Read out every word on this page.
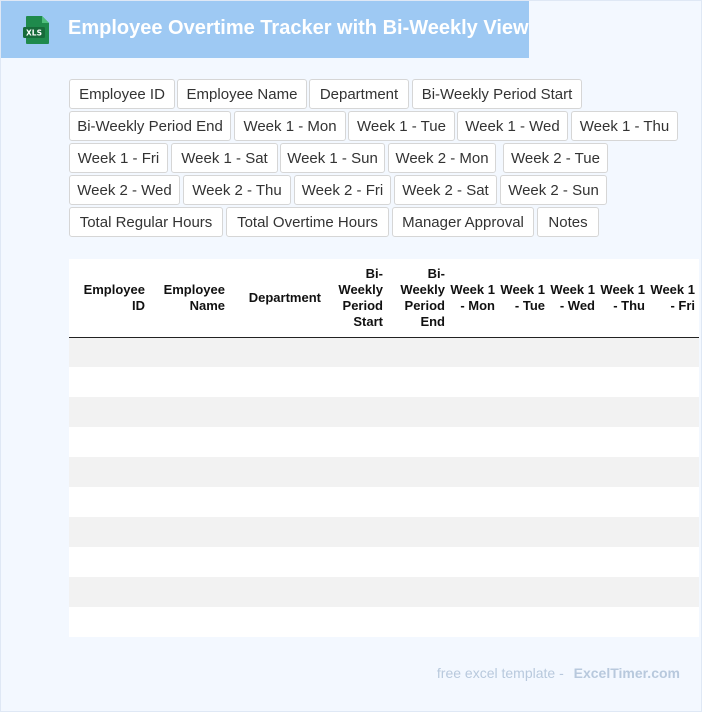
XLS Employee Overtime Tracker with Bi-Weekly View
Employee ID	Employee Name	Department	Bi-Weekly Period Start
Bi-Weekly Period End	Week 1 - Mon	Week 1 - Tue	Week 1 - Wed	Week 1 - Thu
Week 1 - Fri	Week 1 - Sat	Week 1 - Sun	Week 2 - Mon	Week 2 - Tue
Week 2 - Wed	Week 2 - Thu	Week 2 - Fri	Week 2 - Sat	Week 2 - Sun
Total Regular Hours	Total Overtime Hours	Manager Approval	Notes
Employee ID	Employee Name	Department	Bi-Weekly Period Start	Bi-Weekly Period End	Week 1 - Mon	Week 1 - Tue	Week 1 - Wed	Week 1 - Thu	Week 1 - Fri

free excel template - ExcelTimer.com
